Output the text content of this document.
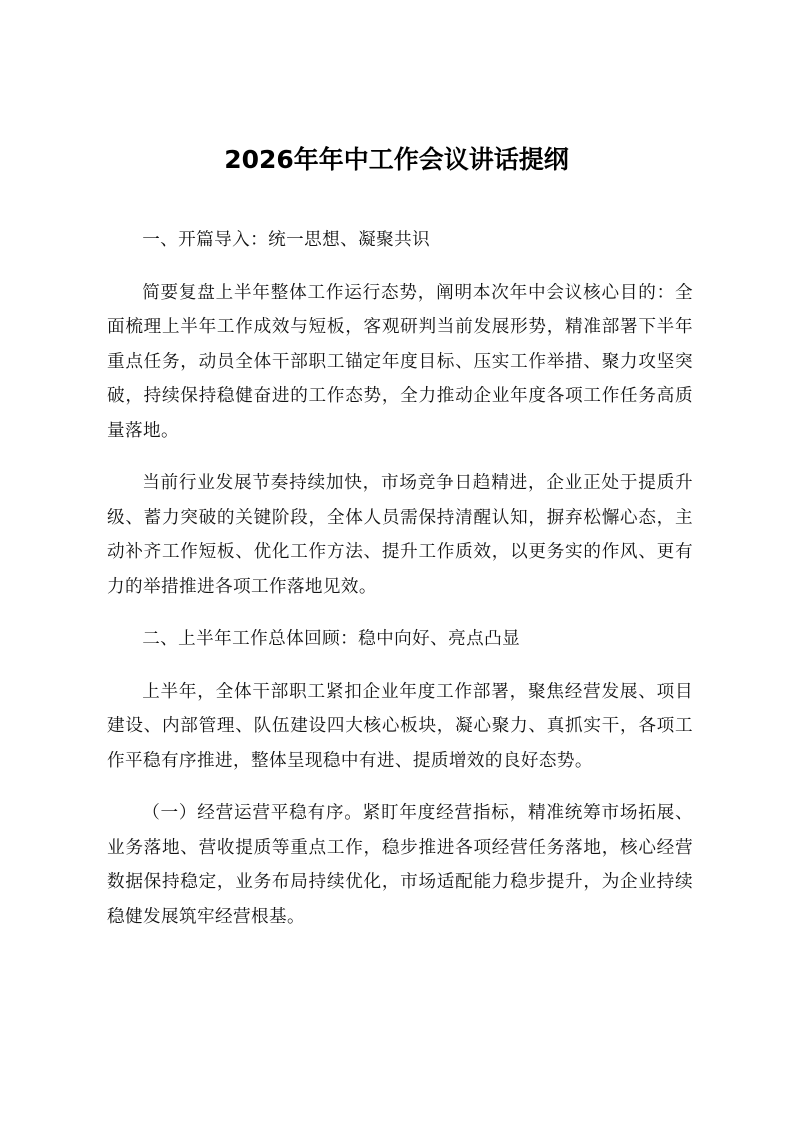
2026年年中工作会议讲话提纲

一、开篇导入：统一思想、凝聚共识

简要复盘上半年整体工作运行态势，阐明本次年中会议核心目的：全面梳理上半年工作成效与短板，客观研判当前发展形势，精准部署下半年重点任务，动员全体干部职工锚定年度目标、压实工作举措、聚力攻坚突破，持续保持稳健奋进的工作态势，全力推动企业年度各项工作任务高质量落地。

当前行业发展节奏持续加快，市场竞争日趋精进，企业正处于提质升级、蓄力突破的关键阶段，全体人员需保持清醒认知，摒弃松懈心态，主动补齐工作短板、优化工作方法、提升工作质效，以更务实的作风、更有力的举措推进各项工作落地见效。

二、上半年工作总体回顾：稳中向好、亮点凸显

上半年，全体干部职工紧扣企业年度工作部署，聚焦经营发展、项目建设、内部管理、队伍建设四大核心板块，凝心聚力、真抓实干，各项工作平稳有序推进，整体呈现稳中有进、提质增效的良好态势。

（一）经营运营平稳有序。紧盯年度经营指标，精准统筹市场拓展、业务落地、营收提质等重点工作，稳步推进各项经营任务落地，核心经营数据保持稳定，业务布局持续优化，市场适配能力稳步提升，为企业持续稳健发展筑牢经营根基。
